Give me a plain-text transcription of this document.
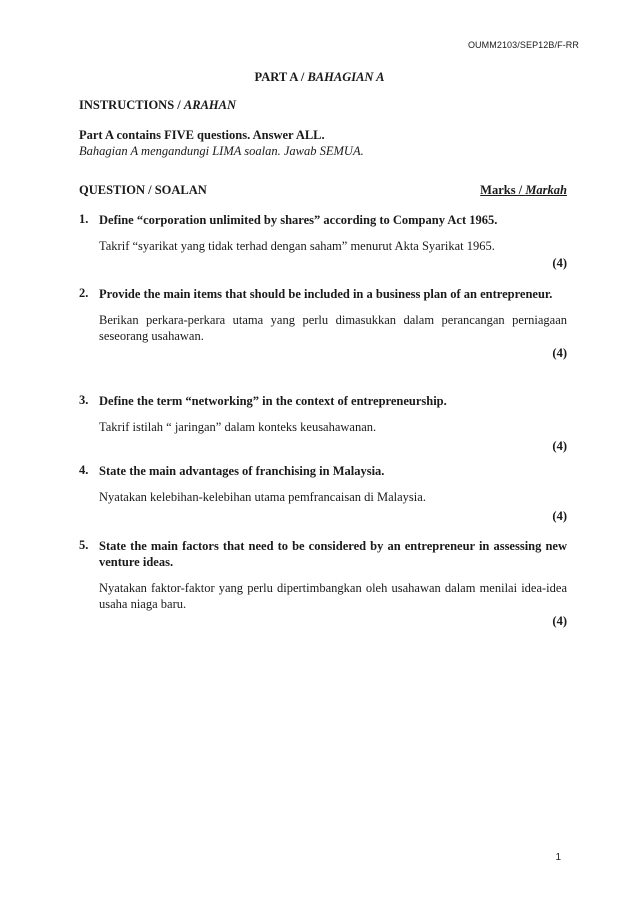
OUMM2103/SEP12B/F-RR
PART A / BAHAGIAN A
INSTRUCTIONS / ARAHAN
Part A contains FIVE questions. Answer ALL.
Bahagian A mengandungi LIMA soalan. Jawab SEMUA.
QUESTION / SOALAN	Marks / Markah
1. Define “corporation unlimited by shares” according to Company Act 1965.
Takrif “syarikat yang tidak terhad dengan saham” menurut Akta Syarikat 1965.
(4)
2. Provide the main items that should be included in a business plan of an entrepreneur.
Berikan perkara-perkara utama yang perlu dimasukkan dalam perancangan perniagaan seseorang usahawan.
(4)
3. Define the term “networking” in the context of entrepreneurship.
Takrif istilah “ jaringan” dalam konteks keusahawanan.
(4)
4. State the main advantages of franchising in Malaysia.
Nyatakan kelebihan-kelebihan utama pemfrancaisan di Malaysia.
(4)
5. State the main factors that need to be considered by an entrepreneur in assessing new venture ideas.
Nyatakan faktor-faktor yang perlu dipertimbangkan oleh usahawan dalam menilai idea-idea usaha niaga baru.
(4)
1
